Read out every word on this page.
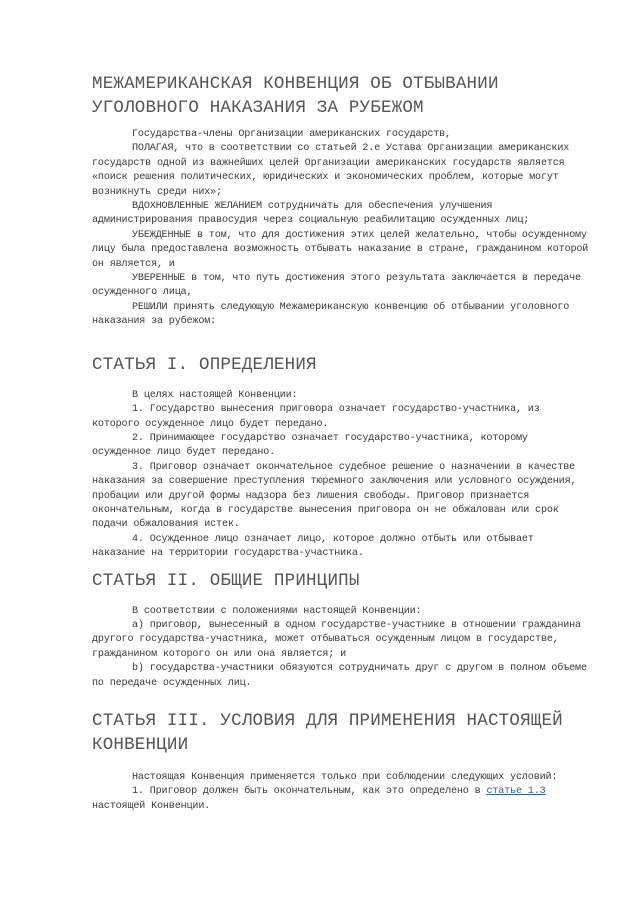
МЕЖАМЕРИКАНСКАЯ КОНВЕНЦИЯ ОБ ОТБЫВАНИИ УГОЛОВНОГО НАКАЗАНИЯ ЗА РУБЕЖОМ

Государства-члены Организации американских государств,

ПОЛАГАЯ, что в соответствии со статьей 2.е Устава Организации американских государств одной из важнейших целей Организации американских государств является «поиск решения политических, юридических и экономических проблем, которые могут возникнуть среди них»;

ВДОХНОВЛЕННЫЕ ЖЕЛАНИЕМ сотрудничать для обеспечения улучшения администрирования правосудия через социальную реабилитацию осужденных лиц;

УБЕЖДЕННЫЕ в том, что для достижения этих целей желательно, чтобы осужденному лицу была предоставлена возможность отбывать наказание в стране, гражданином которой он является, и

УВЕРЕННЫЕ в том, что путь достижения этого результата заключается в передаче осужденного лица,

РЕШИЛИ принять следующую Межамериканскую конвенцию об отбывании уголовного наказания за рубежом:

СТАТЬЯ I. ОПРЕДЕЛЕНИЯ

В целях настоящей Конвенции:

1. Государство вынесения приговора означает государство-участника, из которого осужденное лицо будет передано.

2. Принимающее государство означает государство-участника, которому осужденное лицо будет передано.

3. Приговор означает окончательное судебное решение о назначении в качестве наказания за совершение преступления тюремного заключения или условного осуждения, пробации или другой формы надзора без лишения свободы. Приговор признается окончательным, когда в государстве вынесения приговора он не обжалован или срок подачи обжалования истек.

4. Осужденное лицо означает лицо, которое должно отбыть или отбывает наказание на территории государства-участника.

СТАТЬЯ II. ОБЩИЕ ПРИНЦИПЫ

В соответствии с положениями настоящей Конвенции:

a) приговор, вынесенный в одном государстве-участнике в отношении гражданина другого государства-участника, может отбываться осужденным лицом в государстве, гражданином которого он или она является; и

b) государства-участники обязуются сотрудничать друг с другом в полном объеме по передаче осужденных лиц.

СТАТЬЯ III. УСЛОВИЯ ДЛЯ ПРИМЕНЕНИЯ НАСТОЯЩЕЙ КОНВЕНЦИИ

Настоящая Конвенция применяется только при соблюдении следующих условий:

1. Приговор должен быть окончательным, как это определено в статье 1.3 настоящей Конвенции.
